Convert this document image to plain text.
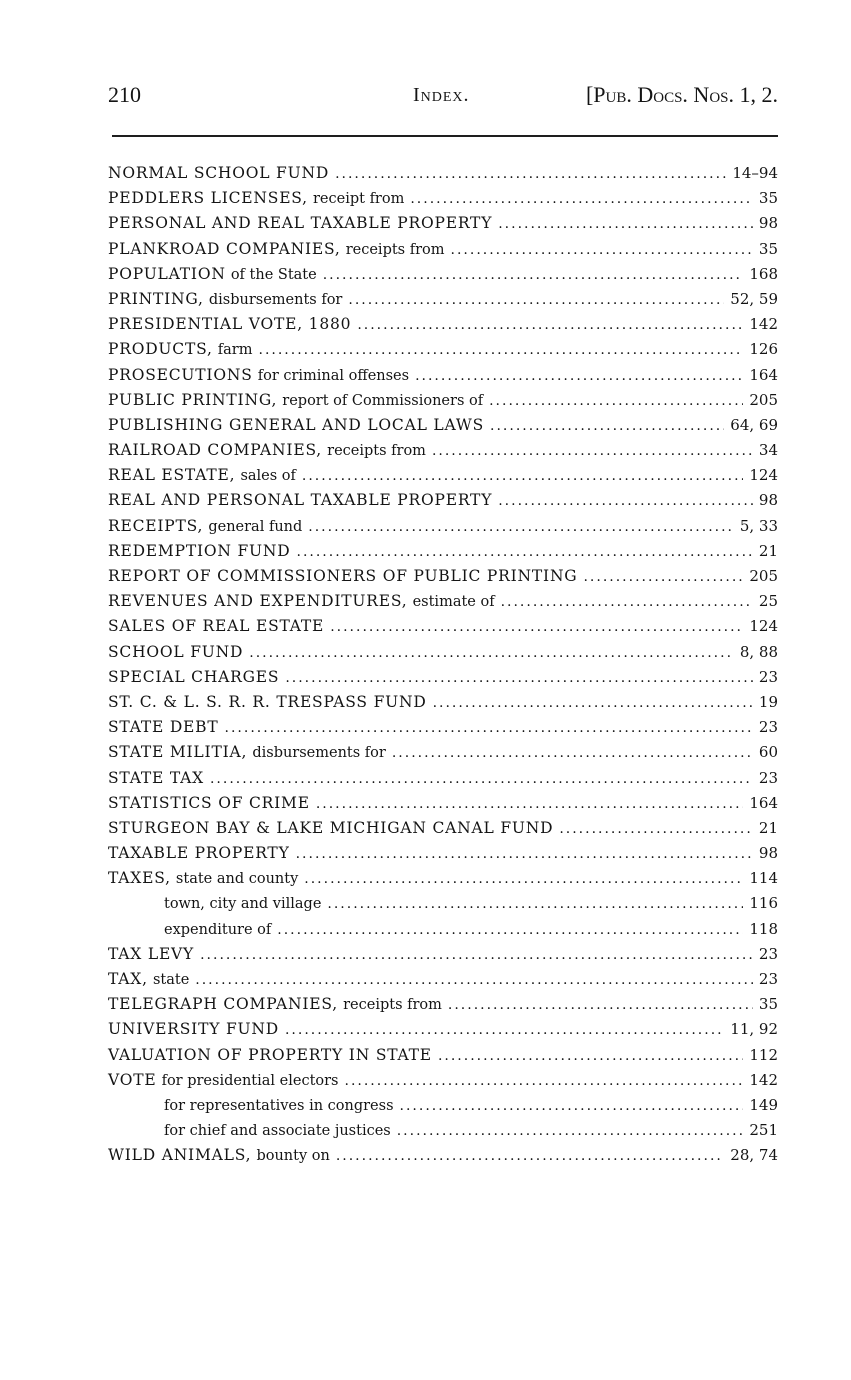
210	Index.	[Pub. Docs. Nos. 1, 2.
NORMAL SCHOOL FUND .....	14–94
PEDDLERS LICENSES, receipt from .....	35
PERSONAL AND REAL TAXABLE PROPERTY .....	98
PLANKROAD COMPANIES, receipts from .....	35
POPULATION of the State .....	168
PRINTING, disbursements for .....	52, 59
PRESIDENTIAL VOTE, 1880 .....	142
PRODUCTS, farm .....	126
PROSECUTIONS for criminal offenses .....	164
PUBLIC PRINTING, report of Commissioners of .....	205
PUBLISHING GENERAL AND LOCAL LAWS .....	64, 69
RAILROAD COMPANIES, receipts from .....	34
REAL ESTATE, sales of .....	124
REAL AND PERSONAL TAXABLE PROPERTY .....	98
RECEIPTS, general fund .....	5, 33
REDEMPTION FUND .....	21
REPORT OF COMMISSIONERS OF PUBLIC PRINTING .....	205
REVENUES AND EXPENDITURES, estimate of .....	25
SALES OF REAL ESTATE .....	124
SCHOOL FUND .....	8, 88
SPECIAL CHARGES .....	23
ST. C. & L. S. R. R. TRESPASS FUND .....	19
STATE DEBT .....	23
STATE MILITIA, disbursements for .....	60
STATE TAX .....	23
STATISTICS OF CRIME .....	164
STURGEON BAY & LAKE MICHIGAN CANAL FUND .....	21
TAXABLE PROPERTY .....	98
TAXES, state and county .....	114
town, city and village .....	116
expenditure of .....	118
TAX LEVY .....	23
TAX, state .....	23
TELEGRAPH COMPANIES, receipts from .....	35
UNIVERSITY FUND .....	11, 92
VALUATION OF PROPERTY IN STATE .....	112
VOTE for presidential electors .....	142
for representatives in congress .....	149
for chief and associate justices .....	251
WILD ANIMALS, bounty on .....	28, 74
